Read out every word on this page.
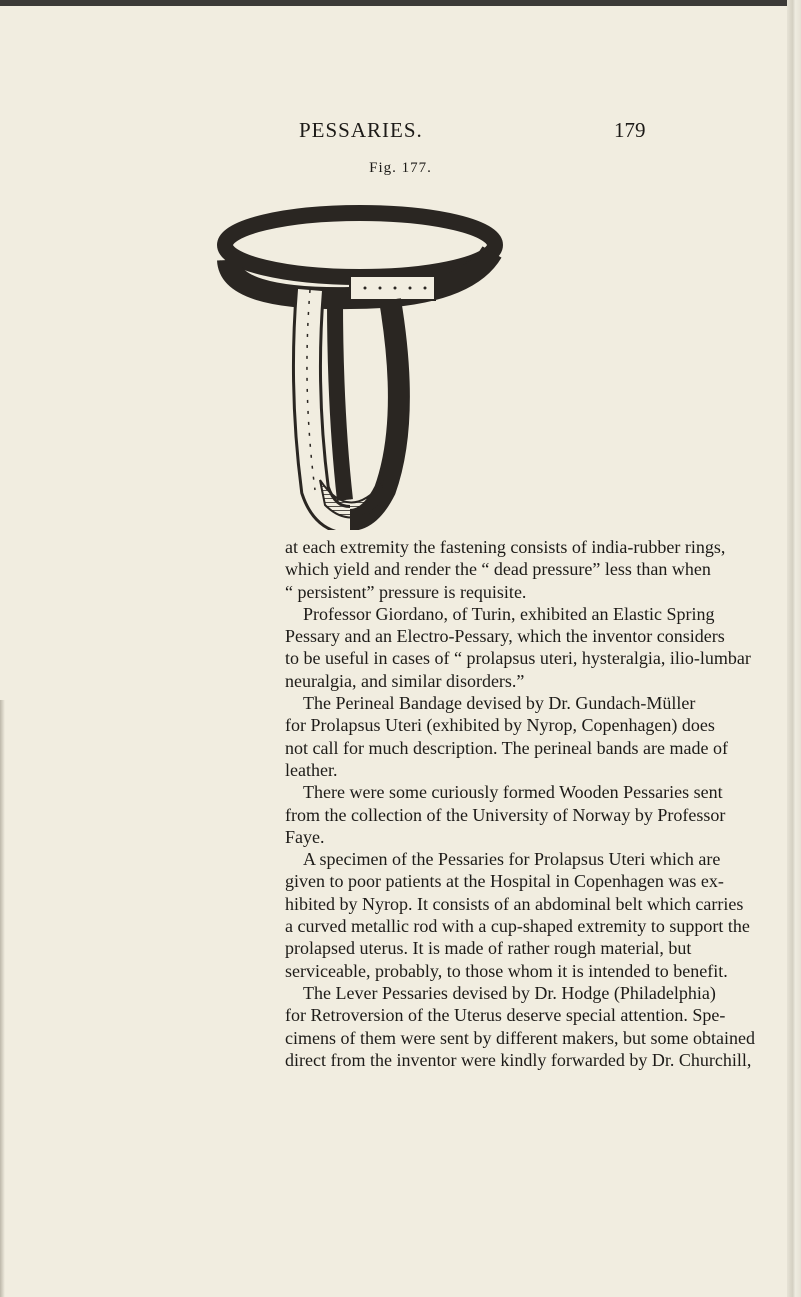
PESSARIES.	179
Fig. 177.
at each extremity the fastening consists of india-rubber rings,
which yield and render the “ dead pressure” less than when
“ persistent” pressure is requisite.
Professor Giordano, of Turin, exhibited an Elastic Spring
Pessary and an Electro-Pessary, which the inventor considers
to be useful in cases of “ prolapsus uteri, hysteralgia, ilio-lumbar
neuralgia, and similar disorders.”
The Perineal Bandage devised by Dr. Gundach-Müller
for Prolapsus Uteri (exhibited by Nyrop, Copenhagen) does
not call for much description. The perineal bands are made of
leather.
There were some curiously formed Wooden Pessaries sent
from the collection of the University of Norway by Professor
Faye.
A specimen of the Pessaries for Prolapsus Uteri which are
given to poor patients at the Hospital in Copenhagen was ex-
hibited by Nyrop. It consists of an abdominal belt which carries
a curved metallic rod with a cup-shaped extremity to support the
prolapsed uterus. It is made of rather rough material, but
serviceable, probably, to those whom it is intended to benefit.
The Lever Pessaries devised by Dr. Hodge (Philadelphia)
for Retroversion of the Uterus deserve special attention. Spe-
cimens of them were sent by different makers, but some obtained
direct from the inventor were kindly forwarded by Dr. Churchill,
